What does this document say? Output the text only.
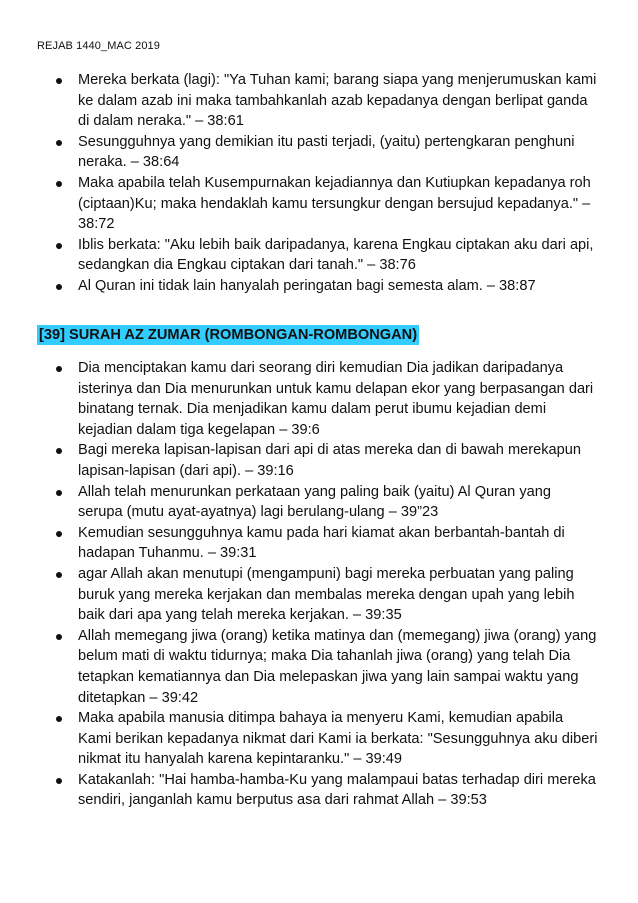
REJAB 1440_MAC 2019
Mereka berkata (lagi): "Ya Tuhan kami; barang siapa yang menjerumuskan kami ke dalam azab ini maka tambahkanlah azab kepadanya dengan berlipat ganda di dalam neraka." – 38:61
Sesungguhnya yang demikian itu pasti terjadi, (yaitu) pertengkaran penghuni neraka. – 38:64
Maka apabila telah Kusempurnakan kejadiannya dan Kutiupkan kepadanya roh (ciptaan)Ku; maka hendaklah kamu tersungkur dengan bersujud kepadanya." – 38:72
Iblis berkata: "Aku lebih baik daripadanya, karena Engkau ciptakan aku dari api, sedangkan dia Engkau ciptakan dari tanah." – 38:76
Al Quran ini tidak lain hanyalah peringatan bagi semesta alam. – 38:87
[39] SURAH AZ ZUMAR (ROMBONGAN-ROMBONGAN)
Dia menciptakan kamu dari seorang diri kemudian Dia jadikan daripadanya isterinya dan Dia menurunkan untuk kamu delapan ekor yang berpasangan dari binatang ternak. Dia menjadikan kamu dalam perut ibumu kejadian demi kejadian dalam tiga kegelapan – 39:6
Bagi mereka lapisan-lapisan dari api di atas mereka dan di bawah merekapun lapisan-lapisan (dari api). – 39:16
Allah telah menurunkan perkataan yang paling baik (yaitu) Al Quran yang serupa (mutu ayat-ayatnya) lagi berulang-ulang – 39”23
Kemudian sesungguhnya kamu pada hari kiamat akan berbantah-bantah di hadapan Tuhanmu. – 39:31
agar Allah akan menutupi (mengampuni) bagi mereka perbuatan yang paling buruk yang mereka kerjakan dan membalas mereka dengan upah yang lebih baik dari apa yang telah mereka kerjakan. – 39:35
Allah memegang jiwa (orang) ketika matinya dan (memegang) jiwa (orang) yang belum mati di waktu tidurnya; maka Dia tahanlah jiwa (orang) yang telah Dia tetapkan kematiannya dan Dia melepaskan jiwa yang lain sampai waktu yang ditetapkan – 39:42
Maka apabila manusia ditimpa bahaya ia menyeru Kami, kemudian apabila Kami berikan kepadanya nikmat dari Kami ia berkata: "Sesungguhnya aku diberi nikmat itu hanyalah karena kepintaranku." – 39:49
Katakanlah: "Hai hamba-hamba-Ku yang malampaui batas terhadap diri mereka sendiri, janganlah kamu berputus asa dari rahmat Allah – 39:53
